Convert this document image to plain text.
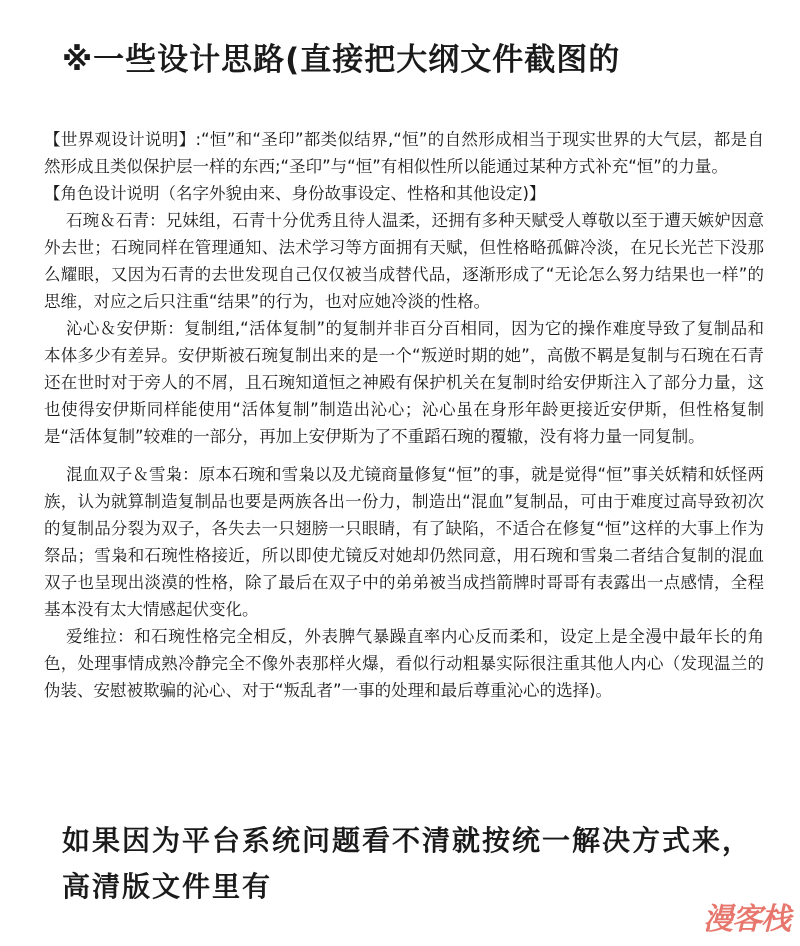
※一些设计思路(直接把大纲文件截图的

【世界观设计说明】:“恒”和“圣印”都类似结界,“恒”的自然形成相当于现实世界的大气层，都是自然形成且类似保护层一样的东西;“圣印”与“恒”有相似性所以能通过某种方式补充“恒”的力量。

【角色设计说明（名字外貌由来、身份故事设定、性格和其他设定)】

石琬＆石青：兄妹组，石青十分优秀且待人温柔，还拥有多种天赋受人尊敬以至于遭天嫉妒因意外去世；石琬同样在管理通知、法术学习等方面拥有天赋，但性格略孤僻冷淡，在兄长光芒下没那么耀眼，又因为石青的去世发现自己仅仅被当成替代品，逐渐形成了“无论怎么努力结果也一样”的思维，对应之后只注重“结果”的行为，也对应她冷淡的性格。

沁心＆安伊斯：复制组,“活体复制”的复制并非百分百相同，因为它的操作难度导致了复制品和本体多少有差异。安伊斯被石琬复制出来的是一个“叛逆时期的她”，高傲不羁是复制与石琬在石青还在世时对于旁人的不屑，且石琬知道恒之神殿有保护机关在复制时给安伊斯注入了部分力量，这也使得安伊斯同样能使用“活体复制”制造出沁心；沁心虽在身形年龄更接近安伊斯，但性格复制是“活体复制”较难的一部分，再加上安伊斯为了不重蹈石琬的覆辙，没有将力量一同复制。

混血双子＆雪枭：原本石琬和雪枭以及尤镜商量修复“恒”的事，就是觉得“恒”事关妖精和妖怪两族，认为就算制造复制品也要是两族各出一份力，制造出“混血”复制品，可由于难度过高导致初次的复制品分裂为双子，各失去一只翅膀一只眼睛，有了缺陷，不适合在修复“恒”这样的大事上作为祭品；雪枭和石琬性格接近，所以即使尤镜反对她却仍然同意，用石琬和雪枭二者结合复制的混血双子也呈现出淡漠的性格，除了最后在双子中的弟弟被当成挡箭牌时哥哥有表露出一点感情，全程基本没有太大情感起伏变化。

爱维拉：和石琬性格完全相反，外表脾气暴躁直率内心反而柔和，设定上是全漫中最年长的角色，处理事情成熟冷静完全不像外表那样火爆，看似行动粗暴实际很注重其他人内心（发现温兰的伪装、安慰被欺骗的沁心、对于“叛乱者”一事的处理和最后尊重沁心的选择)。

如果因为平台系统问题看不清就按统一解决方式来，高清版文件里有
漫客栈
